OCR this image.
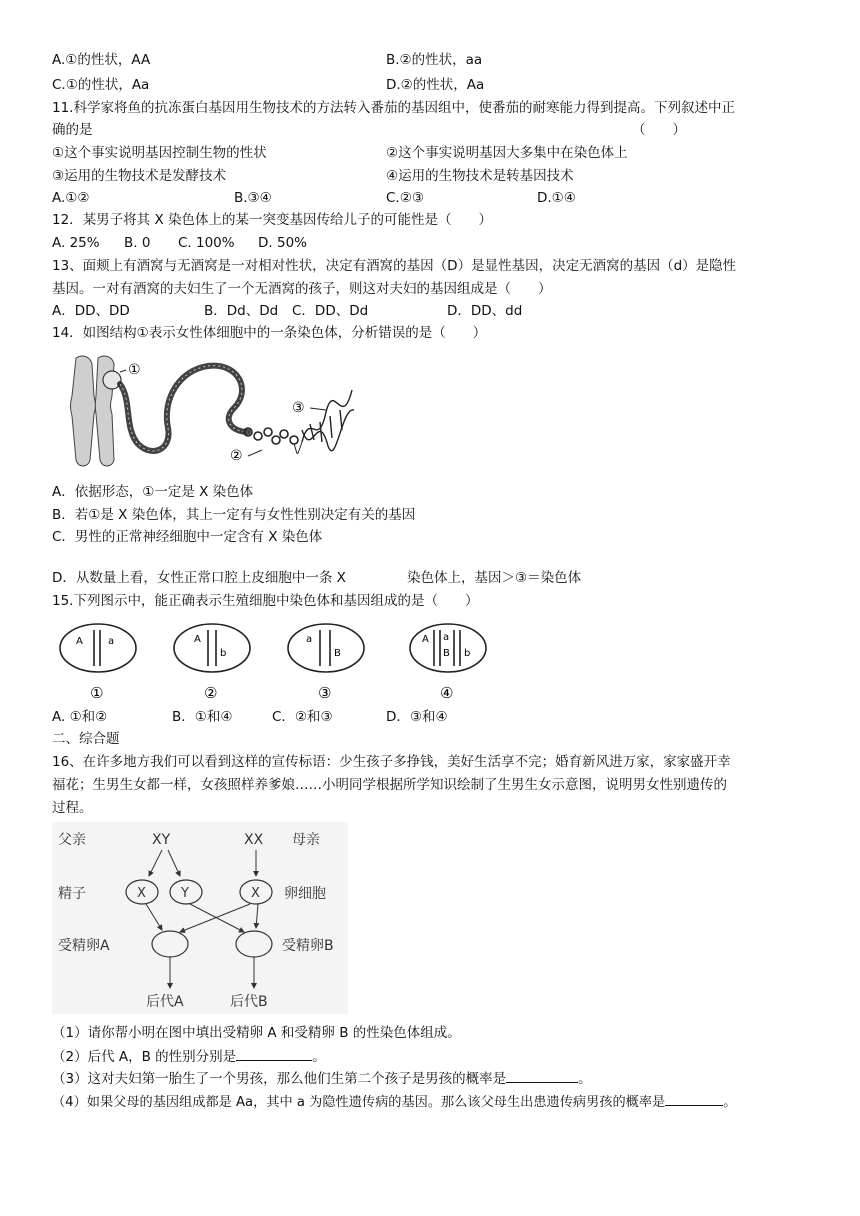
A.①的性状，AA	B.②的性状，aa
C.①的性状，Aa	D.②的性状，Aa
11.科学家将鱼的抗冻蛋白基因用生物技术的方法转入番茄的基因组中，使番茄的耐寒能力得到提高。下列叙述中正
确的是	（　　）
①这个事实说明基因控制生物的性状	②这个事实说明基因大多集中在染色体上
③运用的生物技术是发酵技术	④运用的生物技术是转基因技术
A.①②	B.③④	C.②③	D.①④
12．某男子将其 X 染色体上的某一突变基因传给儿子的可能性是（　　）
A. 25% B. 0 C. 100% D. 50%
13、面颊上有酒窝与无酒窝是一对相对性状，决定有酒窝的基因（D）是显性基因，决定无酒窝的基因（d）是隐性
基因。一对有酒窝的夫妇生了一个无酒窝的孩子，则这对夫妇的基因组成是（　　）
A．DD、DD	B．Dd、Dd C．DD、Dd	D．DD、dd
14．如图结构①表示女性体细胞中的一条染色体，分析错误的是（　　）
①
③
②
A．依据形态，①一定是 X 染色体
B．若①是 X 染色体，其上一定有与女性性别决定有关的基因
C．男性的正常神经细胞中一定含有 X 染色体
D．从数量上看，女性正常口腔上皮细胞中一条 X	染色体上，基因＞③＝染色体
15.下列图示中，能正确表示生殖细胞中染色体和基因组成的是（　　）
A	a
①
A
b
②
a
B
③
A a
B b
④
A. ①和②	B．①和④	C．②和③	D．③和④
二、综合题
16、在许多地方我们可以看到这样的宣传标语：少生孩子多挣钱，美好生活享不完；婚育新风进万家，家家盛开幸
福花；生男生女都一样，女孩照样养爹娘……小明同学根据所学知识绘制了生男生女示意图，说明男女性别遗传的
过程。
父亲	XY	XX 母亲
精子	X	Y	X 卵细胞
受精卵A	受精卵B
后代A	后代B
（1）请你帮小明在图中填出受精卵 A 和受精卵 B 的性染色体组成。
（2）后代 A，B 的性别分别是	。
（3）这对夫妇第一胎生了一个男孩，那么他们生第二个孩子是男孩的概率是	。
（4）如果父母的基因组成都是 Aa，其中 a 为隐性遗传病的基因。那么该父母生出患遗传病男孩的概率是	。
